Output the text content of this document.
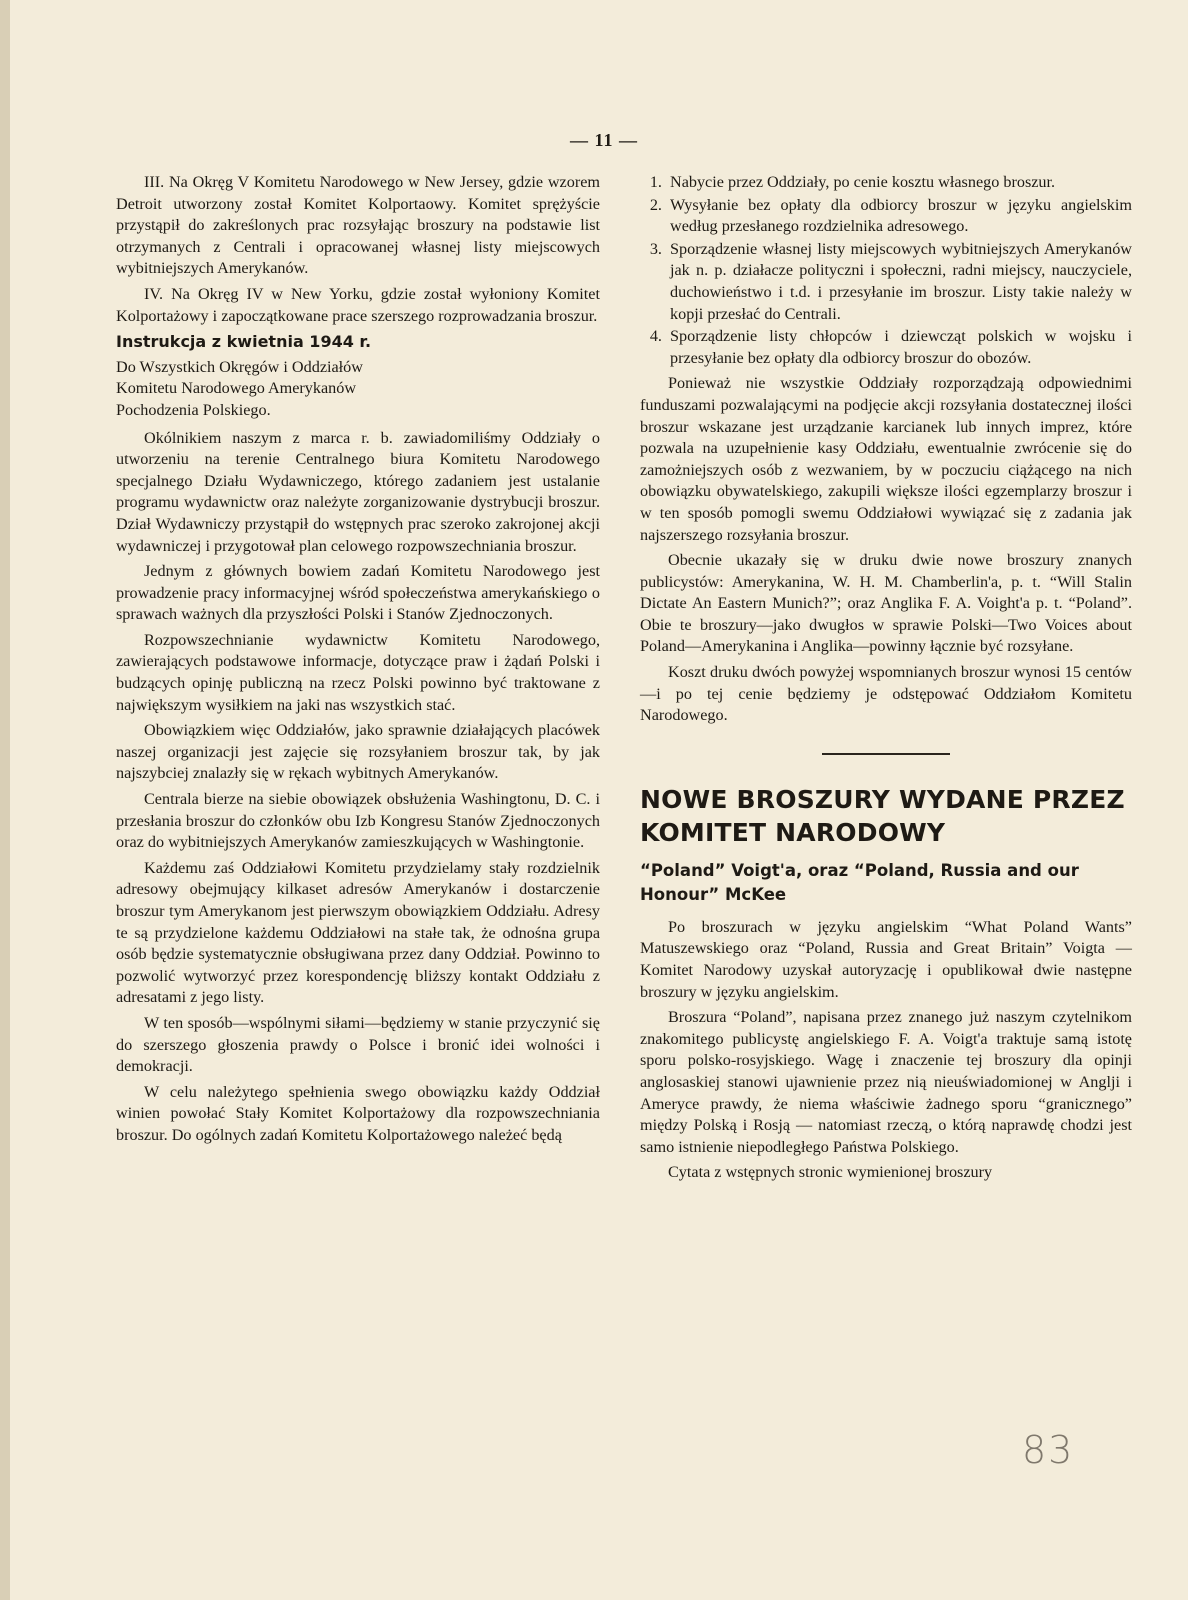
— 11 —

III. Na Okręg V Komitetu Narodowego w New Jersey, gdzie wzorem Detroit utworzony został Komitet Kolportaowy. Komitet sprężyście przystąpił do zakreślonych prac rozsyłając broszury na podstawie list otrzymanych z Centrali i opracowanej własnej listy miejscowych wybitniejszych Amerykanów.

IV. Na Okręg IV w New Yorku, gdzie został wyłoniony Komitet Kolportażowy i zapoczątkowane prace szerszego rozprowadzania broszur.

Instrukcja z kwietnia 1944 r.

Do Wszystkich Okręgów i Oddziałów

Komitetu Narodowego Amerykanów

Pochodzenia Polskiego.

Okólnikiem naszym z marca r. b. zawiadomiliśmy Oddziały o utworzeniu na terenie Centralnego biura Komitetu Narodowego specjalnego Działu Wydawniczego, którego zadaniem jest ustalanie programu wydawnictw oraz należyte zorganizowanie dystrybucji broszur. Dział Wydawniczy przystąpił do wstępnych prac szeroko zakrojonej akcji wydawniczej i przygotował plan celowego rozpowszechniania broszur.

Jednym z głównych bowiem zadań Komitetu Narodowego jest prowadzenie pracy informacyjnej wśród społeczeństwa amerykańskiego o sprawach ważnych dla przyszłości Polski i Stanów Zjednoczonych.

Rozpowszechnianie wydawnictw Komitetu Narodowego, zawierających podstawowe informacje, dotyczące praw i żądań Polski i budzących opinję publiczną na rzecz Polski powinno być traktowane z największym wysiłkiem na jaki nas wszystkich stać.

Obowiązkiem więc Oddziałów, jako sprawnie działających placówek naszej organizacji jest zajęcie się rozsyłaniem broszur tak, by jak najszybciej znalazły się w rękach wybitnych Amerykanów.

Centrala bierze na siebie obowiązek obsłużenia Washingtonu, D. C. i przesłania broszur do członków obu Izb Kongresu Stanów Zjednoczonych oraz do wybitniejszych Amerykanów zamieszkujących w Washingtonie.

Każdemu zaś Oddziałowi Komitetu przydzielamy stały rozdzielnik adresowy obejmujący kilkaset adresów Amerykanów i dostarczenie broszur tym Amerykanom jest pierwszym obowiązkiem Oddziału. Adresy te są przydzielone każdemu Oddziałowi na stałe tak, że odnośna grupa osób będzie systematycznie obsługiwana przez dany Oddział. Powinno to pozwolić wytworzyć przez korespondencję bliższy kontakt Oddziału z adresatami z jego listy.

W ten sposób—wspólnymi siłami—będziemy w stanie przyczynić się do szerszego głoszenia prawdy o Polsce i bronić idei wolności i demokracji.

W celu należytego spełnienia swego obowiązku każdy Oddział winien powołać Stały Komitet Kolportażowy dla rozpowszechniania broszur. Do ogólnych zadań Komitetu Kolportażowego należeć będą

1. Nabycie przez Oddziały, po cenie kosztu własnego broszur.
2. Wysyłanie bez opłaty dla odbiorcy broszur w języku angielskim według przesłanego rozdzielnika adresowego.
3. Sporządzenie własnej listy miejscowych wybitniejszych Amerykanów jak n. p. działacze polityczni i społeczni, radni miejscy, nauczyciele, duchowieństwo i t.d. i przesyłanie im broszur. Listy takie należy w kopji przesłać do Centrali.
4. Sporządzenie listy chłopców i dziewcząt polskich w wojsku i przesyłanie bez opłaty dla odbiorcy broszur do obozów.

Ponieważ nie wszystkie Oddziały rozporządzają odpowiednimi funduszami pozwalającymi na podjęcie akcji rozsyłania dostatecznej ilości broszur wskazane jest urządzanie karcianek lub innych imprez, które pozwala na uzupełnienie kasy Oddziału, ewentualnie zwrócenie się do zamożniejszych osób z wezwaniem, by w poczuciu ciążącego na nich obowiązku obywatelskiego, zakupili większe ilości egzemplarzy broszur i w ten sposób pomogli swemu Oddziałowi wywiązać się z zadania jak najszerszego rozsyłania broszur.

Obecnie ukazały się w druku dwie nowe broszury znanych publicystów: Amerykanina, W. H. M. Chamberlin'a, p. t. “Will Stalin Dictate An Eastern Munich?”; oraz Anglika F. A. Voight'a p. t. “Poland”. Obie te broszury—jako dwugłos w sprawie Polski—Two Voices about Poland—Amerykanina i Anglika—powinny łącznie być rozsyłane.

Koszt druku dwóch powyżej wspomnianych broszur wynosi 15 centów—i po tej cenie będziemy je odstępować Oddziałom Komitetu Narodowego.

NOWE BROSZURY WYDANE PRZEZ KOMITET NARODOWY
“Poland” Voigt'a, oraz “Poland, Russia and our Honour” McKee

Po broszurach w języku angielskim “What Poland Wants” Matuszewskiego oraz “Poland, Russia and Great Britain” Voigta — Komitet Narodowy uzyskał autoryzację i opublikował dwie następne broszury w języku angielskim.

Broszura “Poland”, napisana przez znanego już naszym czytelnikom znakomitego publicystę angielskiego F. A. Voigt'a traktuje samą istotę sporu polsko-rosyjskiego. Wagę i znaczenie tej broszury dla opinji anglosaskiej stanowi ujawnienie przez nią nieuświadomionej w Anglji i Ameryce prawdy, że niema właściwie żadnego sporu “granicznego” między Polską i Rosją — natomiast rzeczą, o którą naprawdę chodzi jest samo istnienie niepodległego Państwa Polskiego.

Cytata z wstępnych stronic wymienionej broszury

83
